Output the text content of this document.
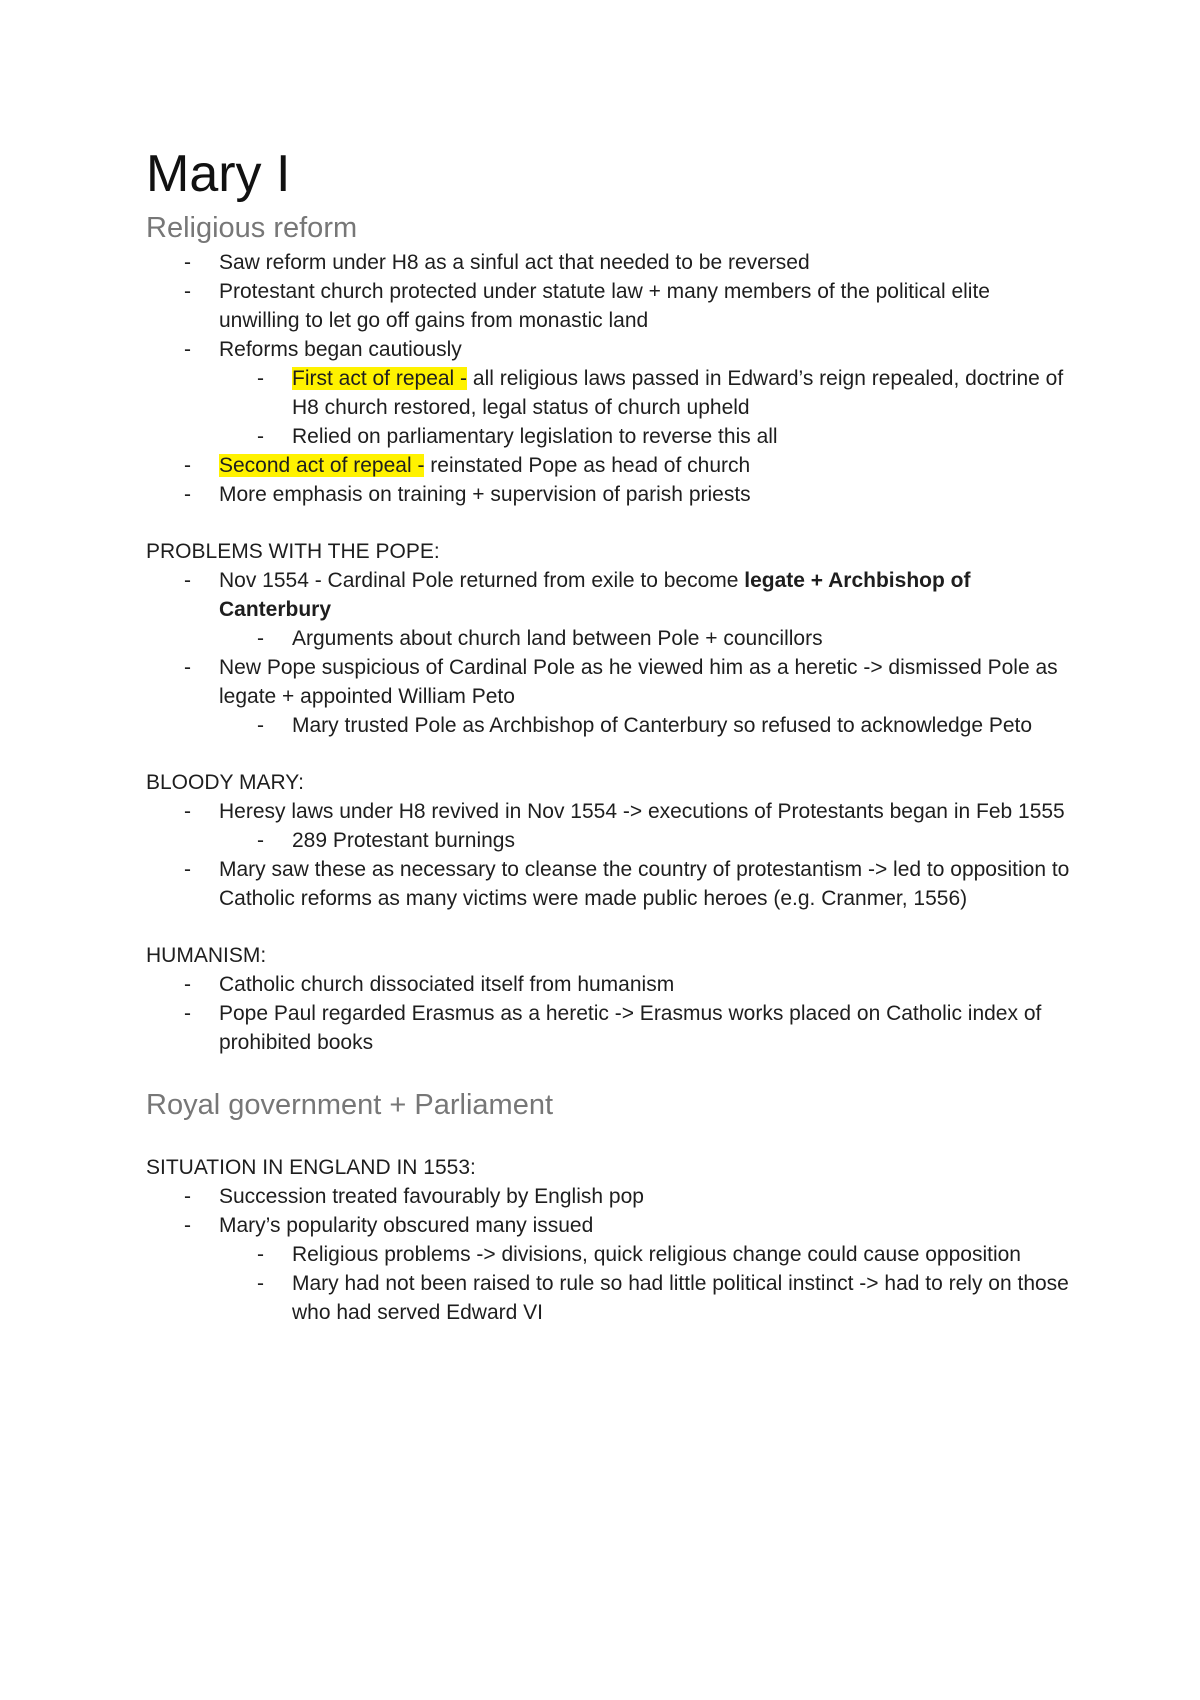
Mary I
Religious reform
- Saw reform under H8 as a sinful act that needed to be reversed
- Protestant church protected under statute law + many members of the political elite unwilling to let go off gains from monastic land
- Reforms began cautiously
- First act of repeal - all religious laws passed in Edward’s reign repealed, doctrine of H8 church restored, legal status of church upheld
- Relied on parliamentary legislation to reverse this all
- Second act of repeal - reinstated Pope as head of church
- More emphasis on training + supervision of parish priests
PROBLEMS WITH THE POPE:
- Nov 1554 - Cardinal Pole returned from exile to become legate + Archbishop of Canterbury
- Arguments about church land between Pole + councillors
- New Pope suspicious of Cardinal Pole as he viewed him as a heretic -> dismissed Pole as legate + appointed William Peto
- Mary trusted Pole as Archbishop of Canterbury so refused to acknowledge Peto
BLOODY MARY:
- Heresy laws under H8 revived in Nov 1554 -> executions of Protestants began in Feb 1555
- 289 Protestant burnings
- Mary saw these as necessary to cleanse the country of protestantism -> led to opposition to Catholic reforms as many victims were made public heroes (e.g. Cranmer, 1556)
HUMANISM:
- Catholic church dissociated itself from humanism
- Pope Paul regarded Erasmus as a heretic -> Erasmus works placed on Catholic index of prohibited books
Royal government + Parliament
SITUATION IN ENGLAND IN 1553:
- Succession treated favourably by English pop
- Mary’s popularity obscured many issued
- Religious problems -> divisions, quick religious change could cause opposition
- Mary had not been raised to rule so had little political instinct -> had to rely on those who had served Edward VI
